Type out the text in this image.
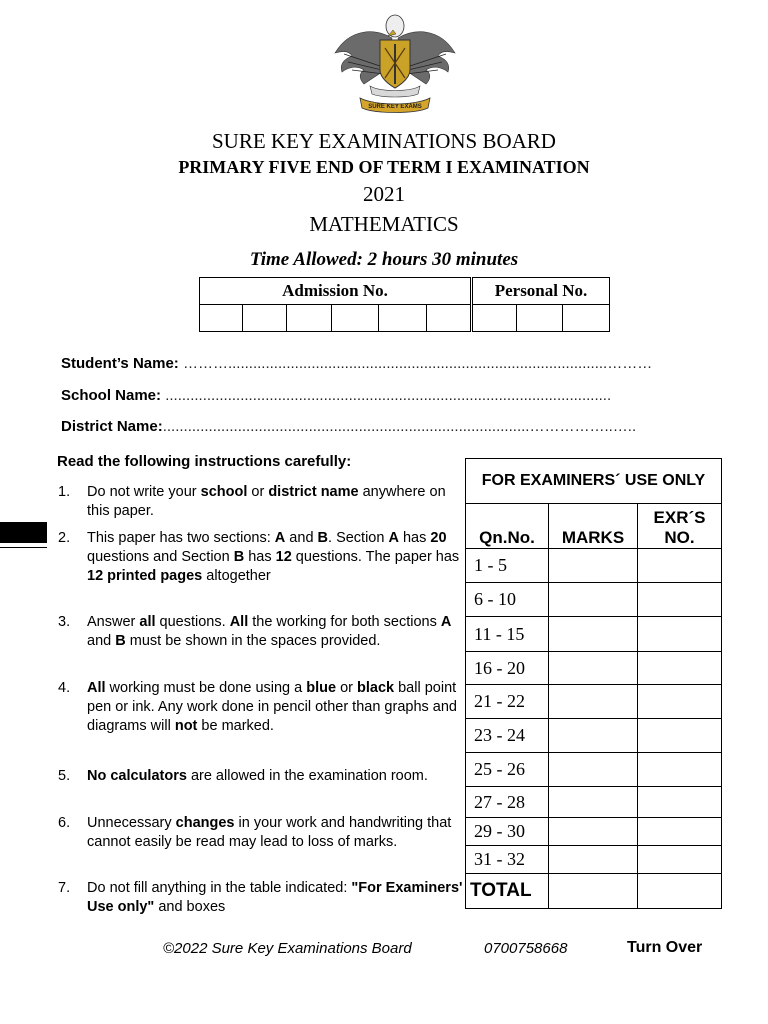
SURE KEY EXAMS
SURE KEY EXAMINATIONS BOARD
PRIMARY FIVE END OF TERM I EXAMINATION
2021
MATHEMATICS
Time Allowed: 2 hours 30 minutes
Admission No.						Personal No.		

Student’s Name: ………...........................................................................................………
School Name: ...........................................................................................................
District Name:........................................................................................……………..…..
Read the following instructions carefully:
1. Do not write your school or district name anywhere on this paper.
2. This paper has two sections: A and B. Section A has 20 questions and Section B has 12 questions. The paper has 12 printed pages altogether
3. Answer all questions. All the working for both sections A and B must be shown in the spaces provided.
4. All working must be done using a blue or black ball point pen or ink. Any work done in pencil other than graphs and diagrams will not be marked.
5. No calculators are allowed in the examination room.
6. Unnecessary changes in your work and handwriting that cannot easily be read may lead to loss of marks.
7. Do not fill anything in the table indicated: "For Examiners' Use only" and boxes
FOR EXAMINERS´ USE ONLY		
Qn.No.	MARKS	EXR´S NO.
1 - 5		
6 - 10		
11 - 15		
16 - 20		
21 - 22		
23 - 24		
25 - 26		
27 - 28		
29 - 30		
31 - 32		
TOTAL		
©2022 Sure Key Examinations Board	0700758668	Turn Over
